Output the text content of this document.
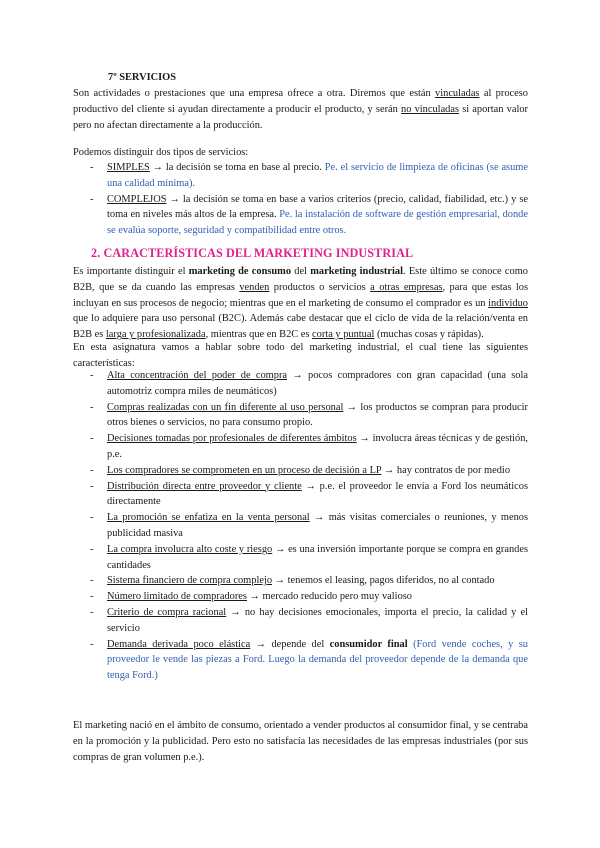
7º SERVICIOS

Son actividades o prestaciones que una empresa ofrece a otra. Diremos que están vinculadas al proceso productivo del cliente si ayudan directamente a producir el producto, y serán no vinculadas si aportan valor pero no afectan directamente a la producción.

Podemos distinguir dos tipos de servicios:

- SIMPLES → la decisión se toma en base al precio. Pe. el servicio de limpieza de oficinas (se asume una calidad mínima).
- COMPLEJOS → la decisión se toma en base a varios criterios (precio, calidad, fiabilidad, etc.) y se toma en niveles más altos de la empresa. Pe. la instalación de software de gestión empresarial, donde se evalúa soporte, seguridad y compatibilidad entre otros.

2. CARACTERÍSTICAS DEL MARKETING INDUSTRIAL

Es importante distinguir el marketing de consumo del marketing industrial. Este último se conoce como B2B, que se da cuando las empresas venden productos o servicios a otras empresas, para que estas los incluyan en sus procesos de negocio; mientras que en el marketing de consumo el comprador es un individuo que lo adquiere para uso personal (B2C). Además cabe destacar que el ciclo de vida de la relación/venta en B2B es larga y profesionalizada, mientras que en B2C es corta y puntual (muchas cosas y rápidas).

En esta asignatura vamos a hablar sobre todo del marketing industrial, el cual tiene las siguientes características:

- Alta concentración del poder de compra → pocos compradores con gran capacidad (una sola automotriz compra miles de neumáticos)
- Compras realizadas con un fin diferente al uso personal → los productos se compran para producir otros bienes o servicios, no para consumo propio.
- Decisiones tomadas por profesionales de diferentes ámbitos → involucra áreas técnicas y de gestión, p.e.
- Los compradores se comprometen en un proceso de decisión a LP → hay contratos de por medio
- Distribución directa entre proveedor y cliente → p.e. el proveedor le envía a Ford los neumáticos directamente
- La promoción se enfatiza en la venta personal → más visitas comerciales o reuniones, y menos publicidad masiva
- La compra involucra alto coste y riesgo → es una inversión importante porque se compra en grandes cantidades
- Sistema financiero de compra complejo → tenemos el leasing, pagos diferidos, no al contado
- Número limitado de compradores → mercado reducido pero muy valioso
- Criterio de compra racional → no hay decisiones emocionales, importa el precio, la calidad y el servicio
- Demanda derivada poco elástica → depende del consumidor final (Ford vende coches, y su proveedor le vende las piezas a Ford. Luego la demanda del proveedor depende de la demanda que tenga Ford.)

El marketing nació en el ámbito de consumo, orientado a vender productos al consumidor final, y se centraba en la promoción y la publicidad. Pero esto no satisfacía las necesidades de las empresas industriales (por sus compras de gran volumen p.e.).
